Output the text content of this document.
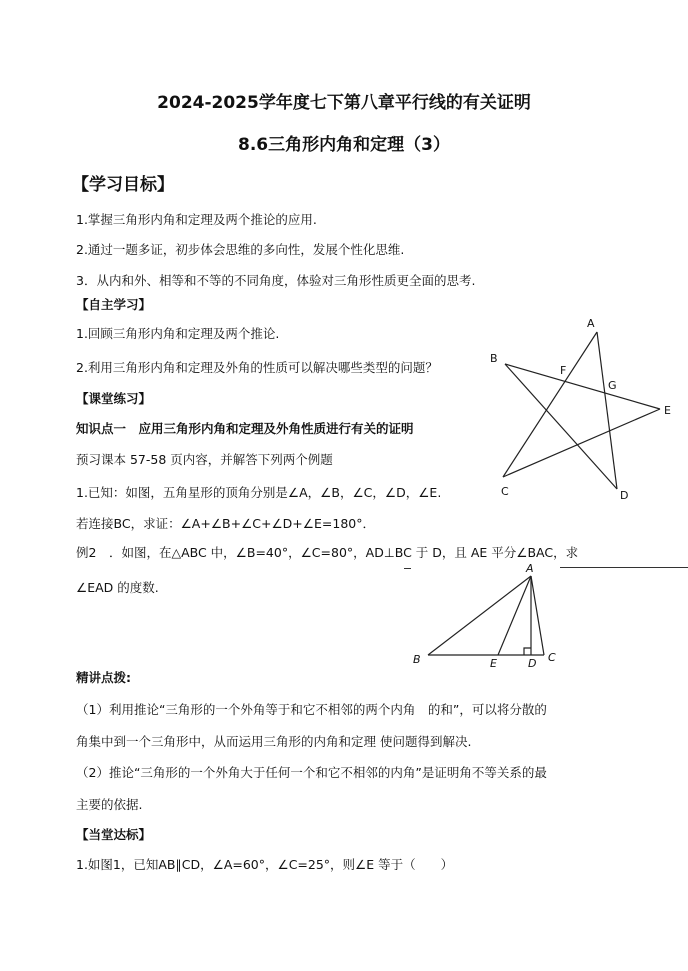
2024-2025学年度七下第八章平行线的有关证明
8.6三角形内角和定理（3）
【学习目标】
1.掌握三角形内角和定理及两个推论的应用.
2.通过一题多证，初步体会思维的多向性，发展个性化思维.
3．从内和外、相等和不等的不同角度，体验对三角形性质更全面的思考.
【自主学习】
1.回顾三角形内角和定理及两个推论.
2.利用三角形内角和定理及外角的性质可以解决哪些类型的问题？
【课堂练习】
知识点一　应用三角形内角和定理及外角性质进行有关的证明
预习课本 57-58 页内容，并解答下列两个例题
1.已知：如图，五角星形的顶角分别是∠A，∠B，∠C，∠D，∠E.
若连接BC，求证：∠A+∠B+∠C+∠D+∠E=180°．
例2　．如图，在△ABC 中，∠B=40°，∠C=80°，AD⊥BC 于 D，且 AE 平分∠BAC，求
∠EAD 的度数.
精讲点拨:
（1）利用推论“三角形的一个外角等于和它不相邻的两个内角　的和”，可以将分散的
角集中到一个三角形中，从而运用三角形的内角和定理 使问题得到解决.
（2）推论“三角形的一个外角大于任何一个和它不相邻的内角”是证明角不等关系的最
主要的依据.
【当堂达标】
1.如图1，已知AB∥CD，∠A=60°，∠C=25°，则∠E 等于（　　）
A
B
F
G
E
C	D
A
B	E	D C
